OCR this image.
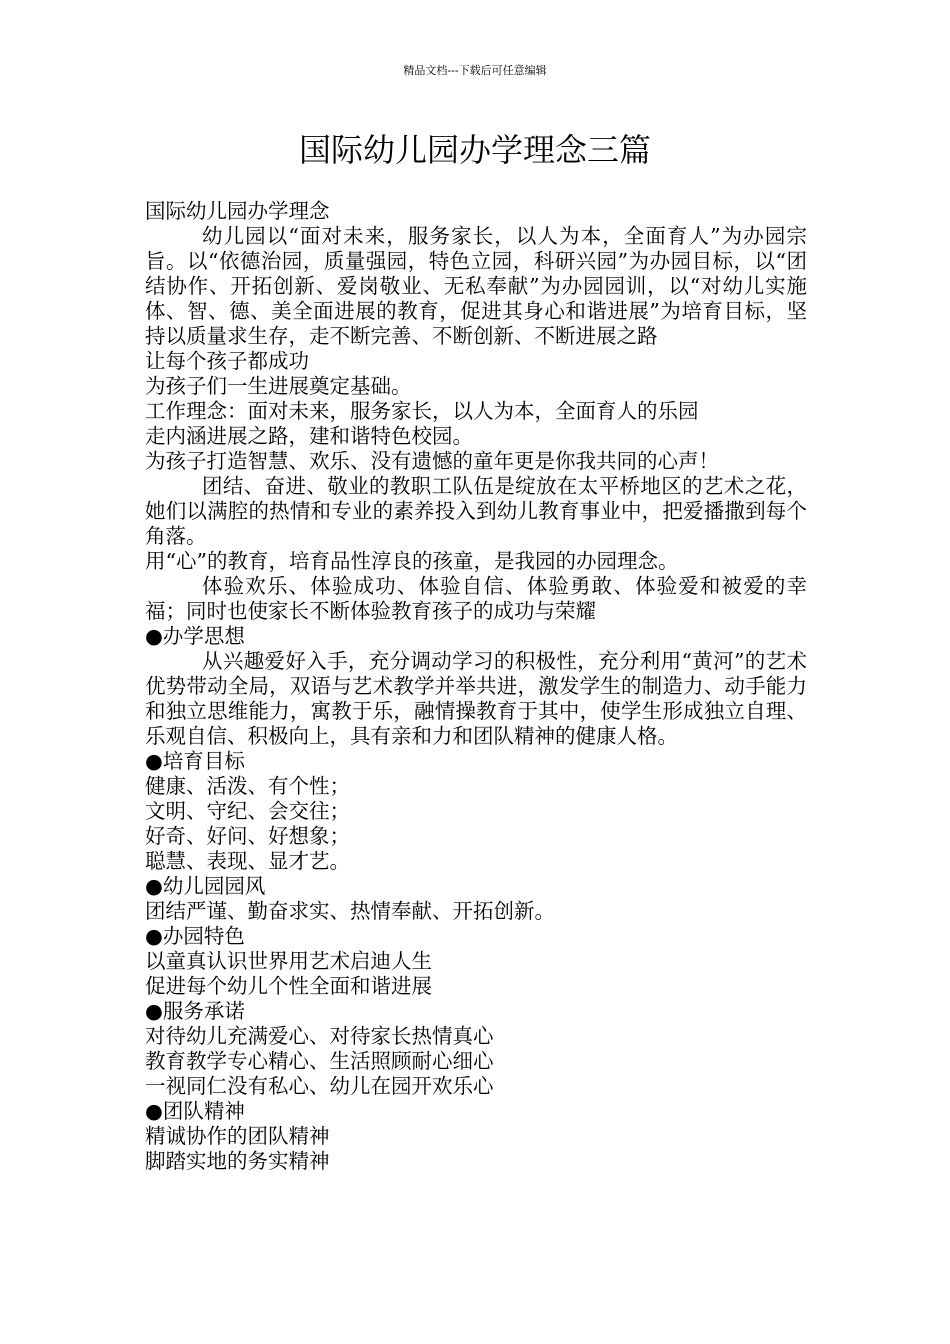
精品文档---下载后可任意编辑
国际幼儿园办学理念三篇

国际幼儿园办学理念

幼儿园以“面对未来，服务家长，以人为本，全面育人”为办园宗旨。以“依德治园，质量强园，特色立园，科研兴园”为办园目标，以“团结协作、开拓创新、爱岗敬业、无私奉献”为办园园训，以“对幼儿实施体、智、德、美全面进展的教育，促进其身心和谐进展”为培育目标，坚持以质量求生存，走不断完善、不断创新、不断进展之路

让每个孩子都成功

为孩子们一生进展奠定基础。

工作理念：面对未来，服务家长，以人为本，全面育人的乐园

走内涵进展之路，建和谐特色校园。

为孩子打造智慧、欢乐、没有遗憾的童年更是你我共同的心声！

团结、奋进、敬业的教职工队伍是绽放在太平桥地区的艺术之花，她们以满腔的热情和专业的素养投入到幼儿教育事业中，把爱播撒到每个角落。

用“心”的教育，培育品性淳良的孩童，是我园的办园理念。

体验欢乐、体验成功、体验自信、体验勇敢、体验爱和被爱的幸福；同时也使家长不断体验教育孩子的成功与荣耀

●办学思想

从兴趣爱好入手，充分调动学习的积极性，充分利用“黄河”的艺术优势带动全局，双语与艺术教学并举共进，激发学生的制造力、动手能力和独立思维能力，寓教于乐，融情操教育于其中，使学生形成独立自理、乐观自信、积极向上，具有亲和力和团队精神的健康人格。

●培育目标

健康、活泼、有个性；

文明、守纪、会交往；

好奇、好问、好想象；

聪慧、表现、显才艺。

●幼儿园园风

团结严谨、勤奋求实、热情奉献、开拓创新。

●办园特色

以童真认识世界用艺术启迪人生

促进每个幼儿个性全面和谐进展

●服务承诺

对待幼儿充满爱心、对待家长热情真心

教育教学专心精心、生活照顾耐心细心

一视同仁没有私心、幼儿在园开欢乐心

●团队精神

精诚协作的团队精神

脚踏实地的务实精神
